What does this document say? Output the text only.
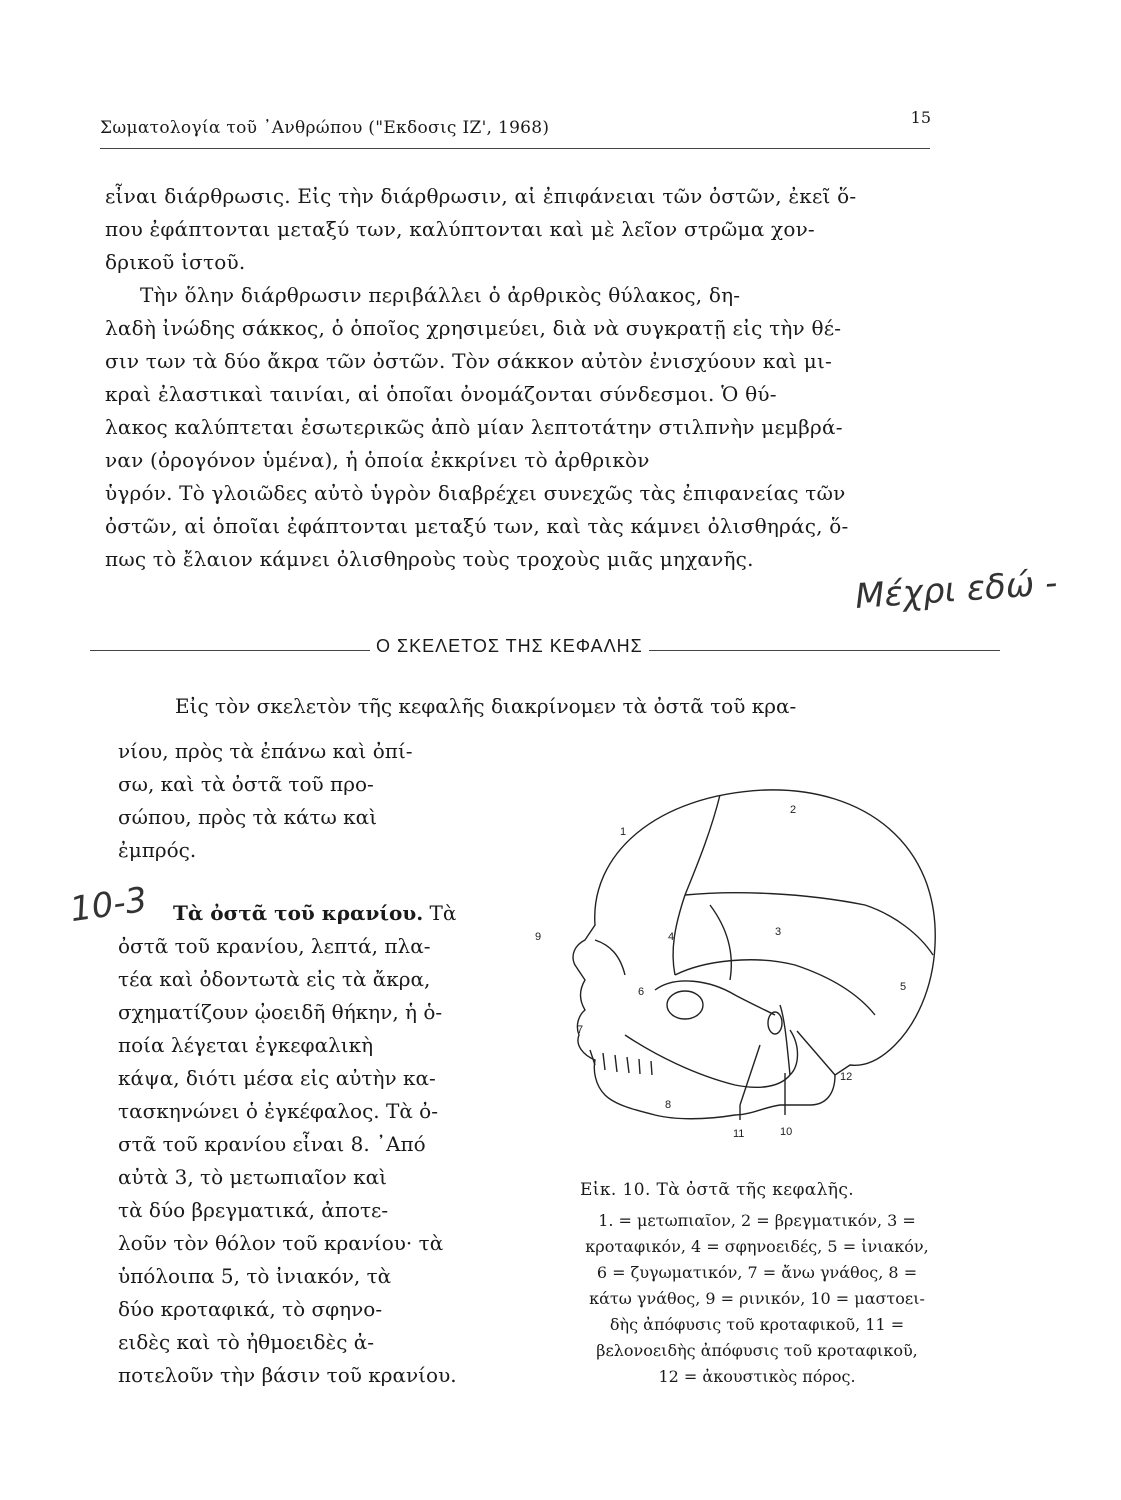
Σωματολογία τοῦ ᾿Ανθρώπου ("Εκδοσις ΙΖ', 1968)
15
εἶναι διάρθρωσις. Εἰς τὴν διάρθρωσιν, αἱ ἐπιφάνειαι τῶν ὀστῶν, ἐκεῖ ὅ-
που ἐφάπτονται μεταξύ των, καλύπτονται καὶ μὲ λεῖον στρῶμα χον-
δρικοῦ ἱστοῦ.
Τὴν ὅλην διάρθρωσιν περιβάλλει ὁ ἀρθρικὸς θύλακος, δη-
λαδὴ ἰνώδης σάκκος, ὁ ὁποῖος χρησιμεύει, διὰ νὰ συγκρατῇ εἰς τὴν θέ-
σιν των τὰ δύο ἄκρα τῶν ὀστῶν. Τὸν σάκκον αὐτὸν ἐνισχύουν καὶ μι-
κραὶ ἐλαστικαὶ ταινίαι, αἱ ὁποῖαι ὀνομάζονται σύνδεσμοι. Ὁ θύ-
λακος καλύπτεται ἐσωτερικῶς ἀπὸ μίαν λεπτοτάτην στιλπνὴν μεμβρά-
ναν (ὀρογόνον ὑμένα), ἡ ὁποία ἐκκρίνει τὸ ἀρθρικὸν
ὑγρόν. Τὸ γλοιῶδες αὐτὸ ὑγρὸν διαβρέχει συνεχῶς τὰς ἐπιφανείας τῶν
ὀστῶν, αἱ ὁποῖαι ἐφάπτονται μεταξύ των, καὶ τὰς κάμνει ὀλισθηράς, ὅ-
πως τὸ ἔλαιον κάμνει ὀλισθηροὺς τοὺς τροχοὺς μιᾶς μηχανῆς.
Μέχρι εδώ -
Ο ΣΚΕΛΕΤΟΣ ΤΗΣ ΚΕΦΑΛΗΣ
Εἰς τὸν σκελετὸν τῆς κεφαλῆς διακρίνομεν τὰ ὀστᾶ τοῦ κρα-
νίου, πρὸς τὰ ἐπάνω καὶ ὀπί-
σω, καὶ τὰ ὀστᾶ τοῦ προ-
σώπου, πρὸς τὰ κάτω καὶ
ἐμπρός.
Τὰ ὀστᾶ τοῦ κρανίου. Τὰ
ὀστᾶ τοῦ κρανίου, λεπτά, πλα-
τέα καὶ ὀδοντωτὰ εἰς τὰ ἄκρα,
σχηματίζουν ᾠοειδῆ θήκην, ἡ ὁ-
ποία λέγεται ἐγκεφαλικὴ
κάψα, διότι μέσα εἰς αὐτὴν κα-
τασκηνώνει ὁ ἐγκέφαλος. Τὰ ὀ-
στᾶ τοῦ κρανίου εἶναι 8. ᾿Από
αὐτὰ 3, τὸ μετωπιαῖον καὶ
τὰ δύο βρεγματικά, ἀποτε-
λοῦν τὸν θόλον τοῦ κρανίου· τὰ
ὑπόλοιπα 5, τὸ ἰνιακόν, τὰ
δύο κροταφικά, τὸ σφηνο-
ειδὲς καὶ τὸ ἠθμοειδὲς ἀ-
ποτελοῦν τὴν βάσιν τοῦ κρανίου.
10-3
1
2
3
4
5
6
7
8
9
10
11
12
Εἰκ. 10. Τὰ ὀστᾶ τῆς κεφαλῆς.
1. = μετωπιαῖον, 2 = βρεγματικόν, 3 =
κροταφικόν, 4 = σφηνοειδές, 5 = ἰνιακόν,
6 = ζυγωματικόν, 7 = ἄνω γνάθος, 8 =
κάτω γνάθος, 9 = ρινικόν, 10 = μαστοει-
δὴς ἀπόφυσις τοῦ κροταφικοῦ, 11 =
βελονοειδὴς ἀπόφυσις τοῦ κροταφικοῦ,
12 = ἀκουστικὸς πόρος.
